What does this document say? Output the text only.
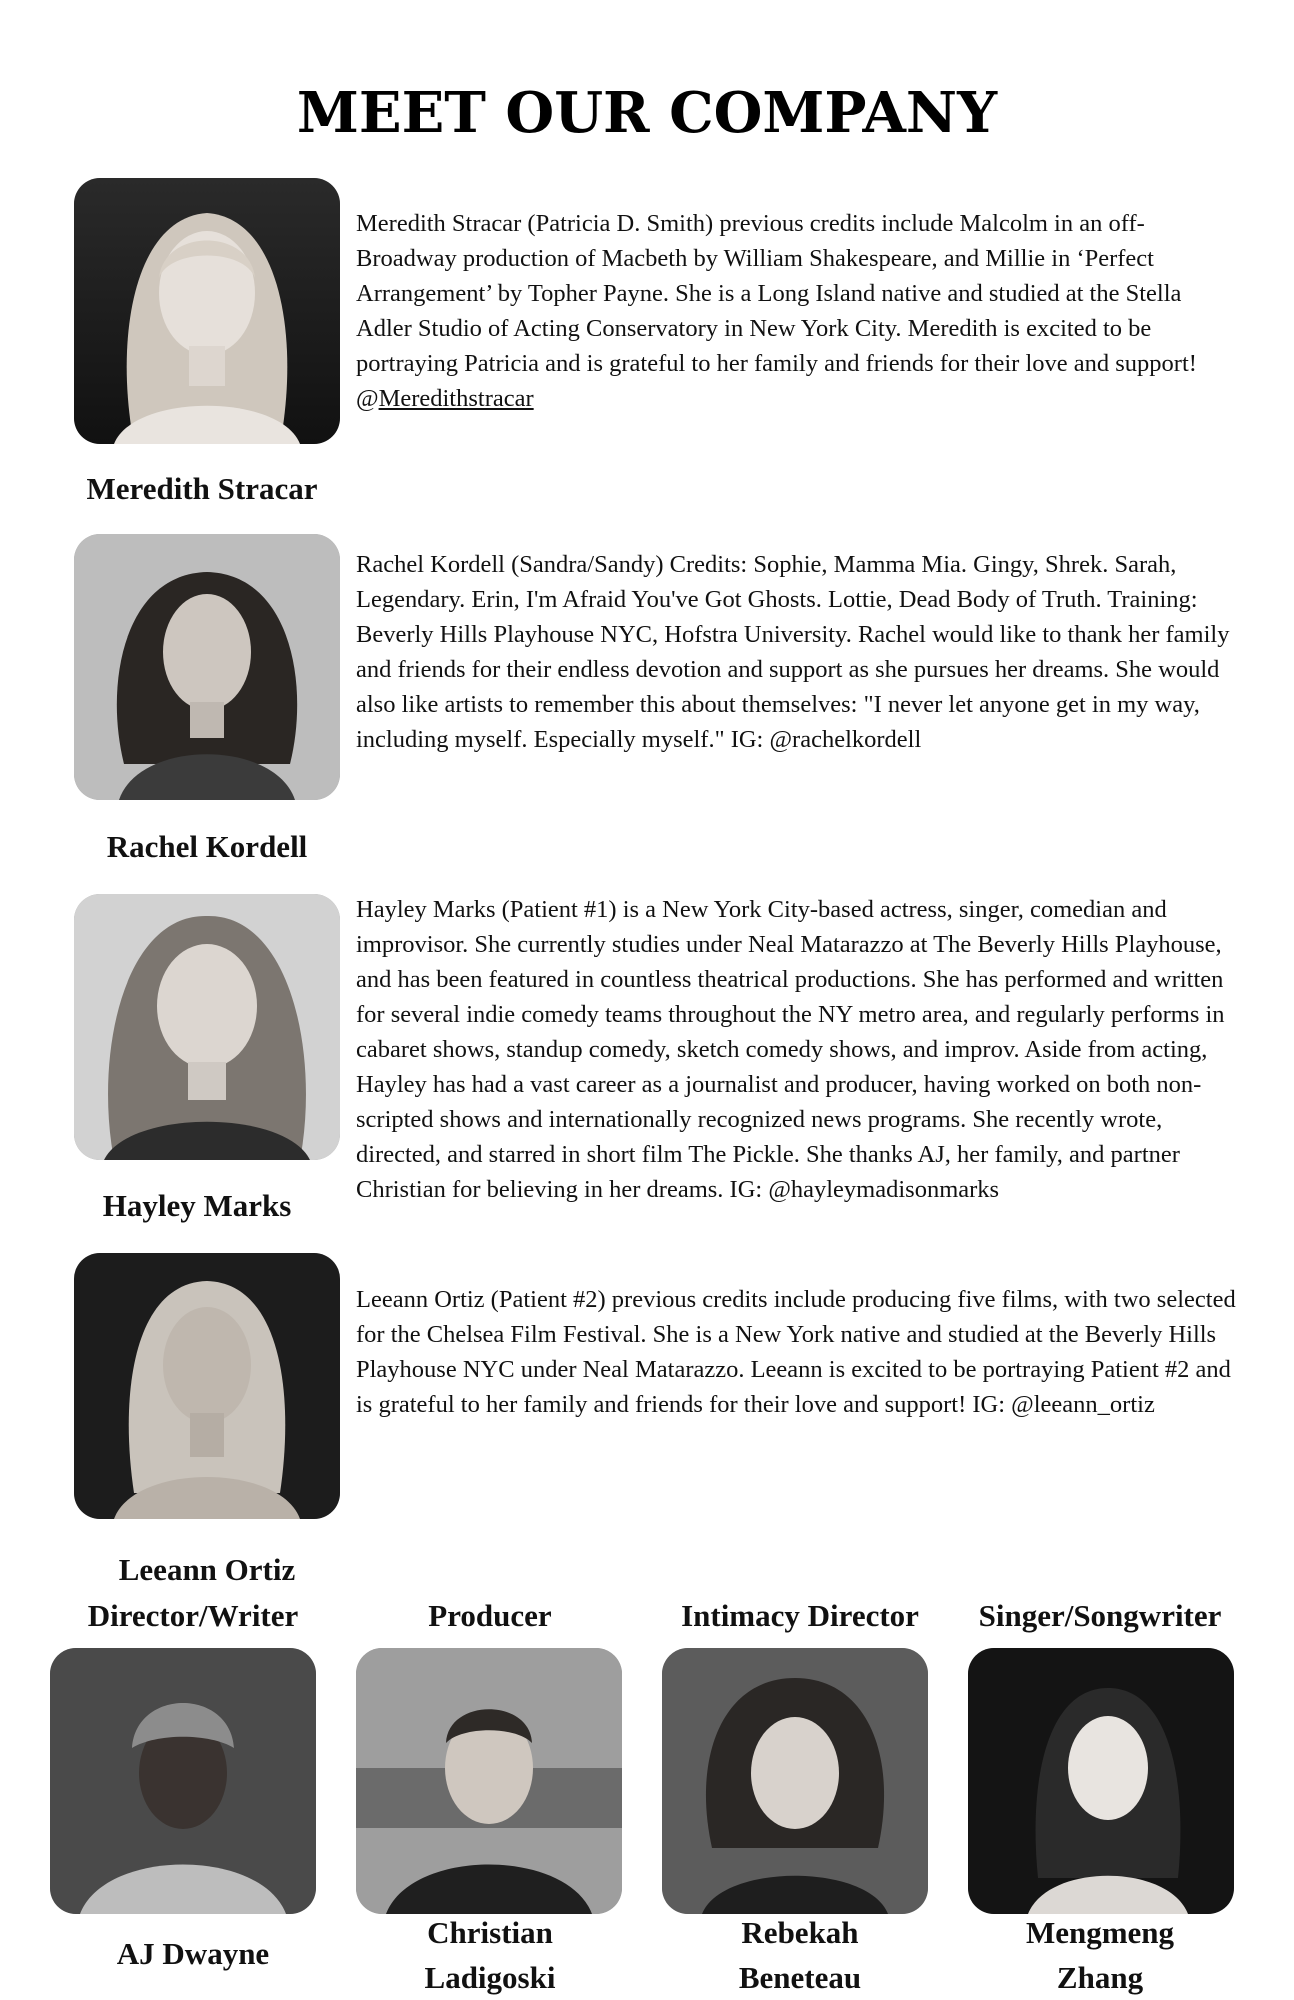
MEET OUR COMPANY
Meredith Stracar (Patricia D. Smith) previous credits include Malcolm in an off-Broadway production of Macbeth by William Shakespeare, and Millie in ‘Perfect Arrangement’ by Topher Payne. She is a Long Island native and studied at the Stella Adler Studio of Acting Conservatory in New York City. Meredith is excited to be portraying Patricia and is grateful to her family and friends for their love and support! @Meredithstracar
Meredith Stracar
Rachel Kordell (Sandra/Sandy) Credits: Sophie, Mamma Mia. Gingy, Shrek. Sarah, Legendary. Erin, I'm Afraid You've Got Ghosts. Lottie, Dead Body of Truth. Training: Beverly Hills Playhouse NYC, Hofstra University. Rachel would like to thank her family and friends for their endless devotion and support as she pursues her dreams. She would also like artists to remember this about themselves: "I never let anyone get in my way, including myself. Especially myself." IG: @rachelkordell
Rachel Kordell
Hayley Marks (Patient #1) is a New York City-based actress, singer, comedian and improvisor. She currently studies under Neal Matarazzo at The Beverly Hills Playhouse, and has been featured in countless theatrical productions. She has performed and written for several indie comedy teams throughout the NY metro area, and regularly performs in cabaret shows, standup comedy, sketch comedy shows, and improv. Aside from acting, Hayley has had a vast career as a journalist and producer, having worked on both non-scripted shows and internationally recognized news programs. She recently wrote, directed, and starred in short film The Pickle. She thanks AJ, her family, and partner Christian for believing in her dreams. IG: @hayleymadisonmarks
Hayley Marks
Leeann Ortiz (Patient #2) previous credits include producing five films, with two selected for the Chelsea Film Festival. She is a New York native and studied at the Beverly Hills Playhouse NYC under Neal Matarazzo. Leeann is excited to be portraying Patient #2 and is grateful to her family and friends for their love and support! IG: @leeann_ortiz
Leeann Ortiz
Director/Writer	Producer	Intimacy Director	Singer/Songwriter
AJ Dwayne
Christian
Ladigoski
Rebekah
Beneteau
Mengmeng
Zhang
